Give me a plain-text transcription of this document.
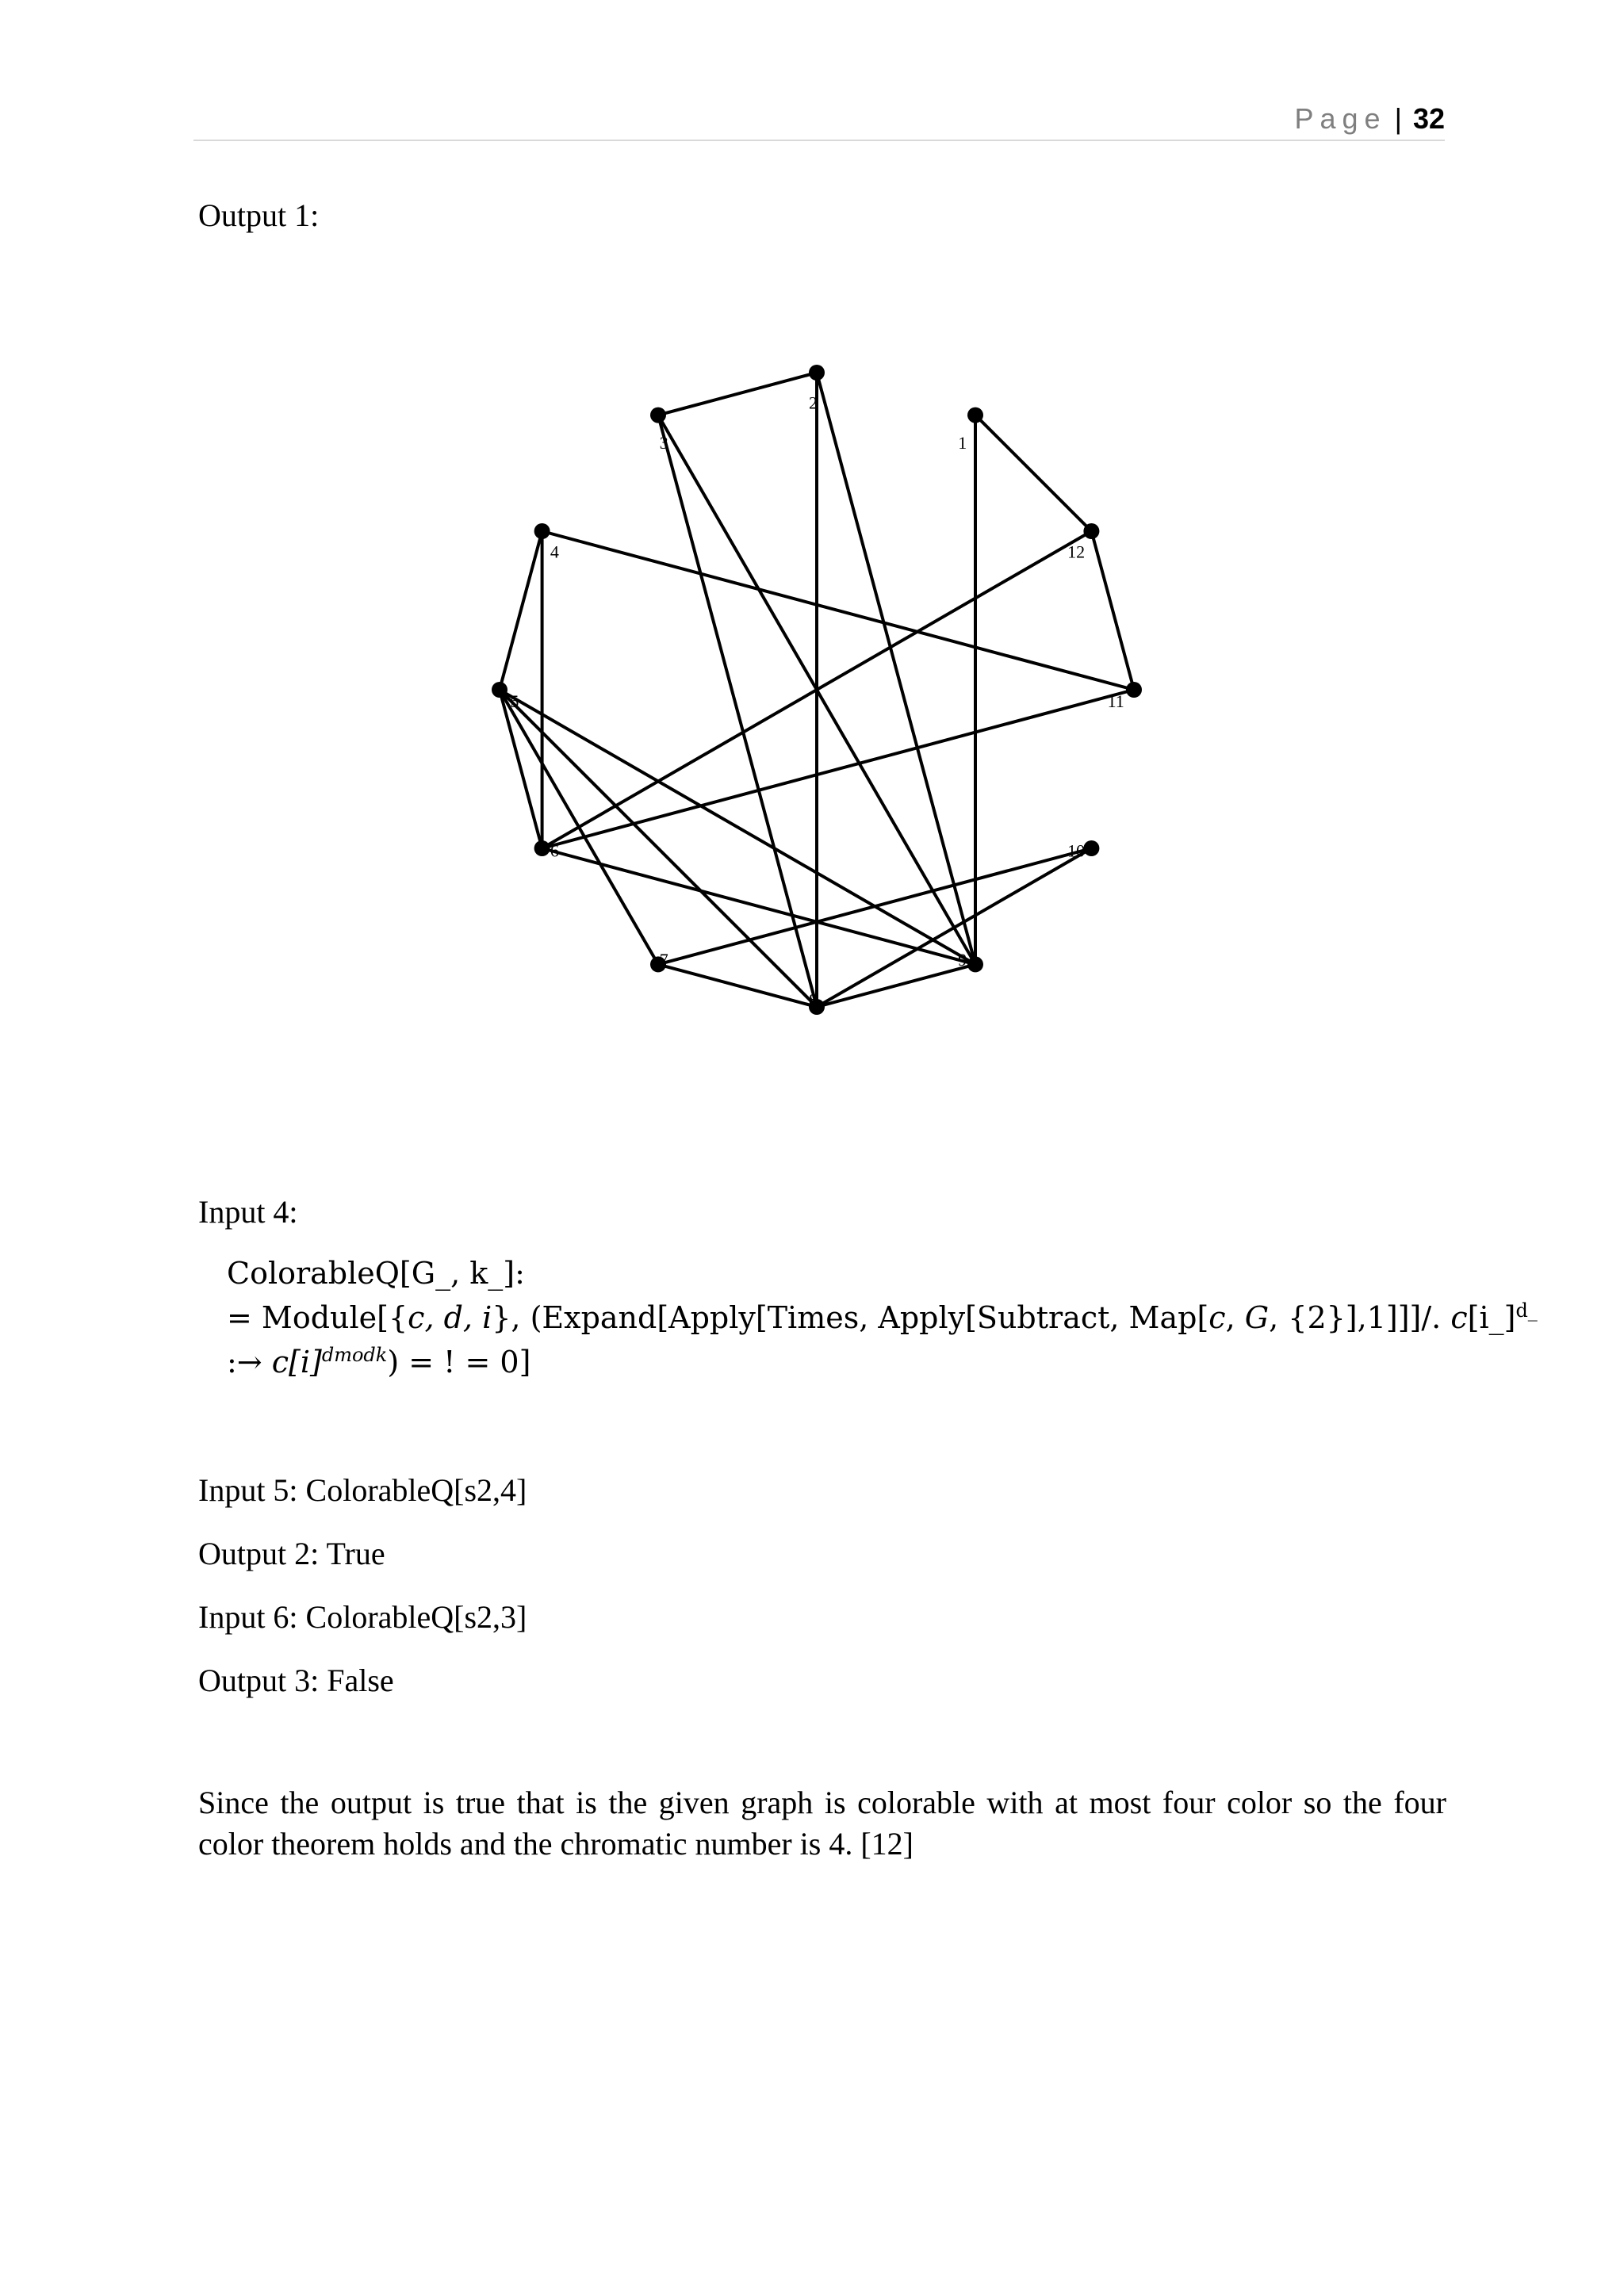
Page | 32
Output 1:
1
2
3
4
5
6
7
8
9
10
11
12
Input 4:
ColorableQ[G_, k_]:
= Module[{c, d, i}, (Expand[Apply[Times, Apply[Subtract, Map[c, G, {2}],1]]]/. c[i_]$^{d\_}$
:→ $c[i]^{dmodk}$) = ! = 0]
Input 5: ColorableQ[s2,4]
Output 2: True
Input 6: ColorableQ[s2,3]
Output 3: False
Since the output is true that is the given graph is colorable with at most four color so the four color theorem holds and the chromatic number is 4. [12]
